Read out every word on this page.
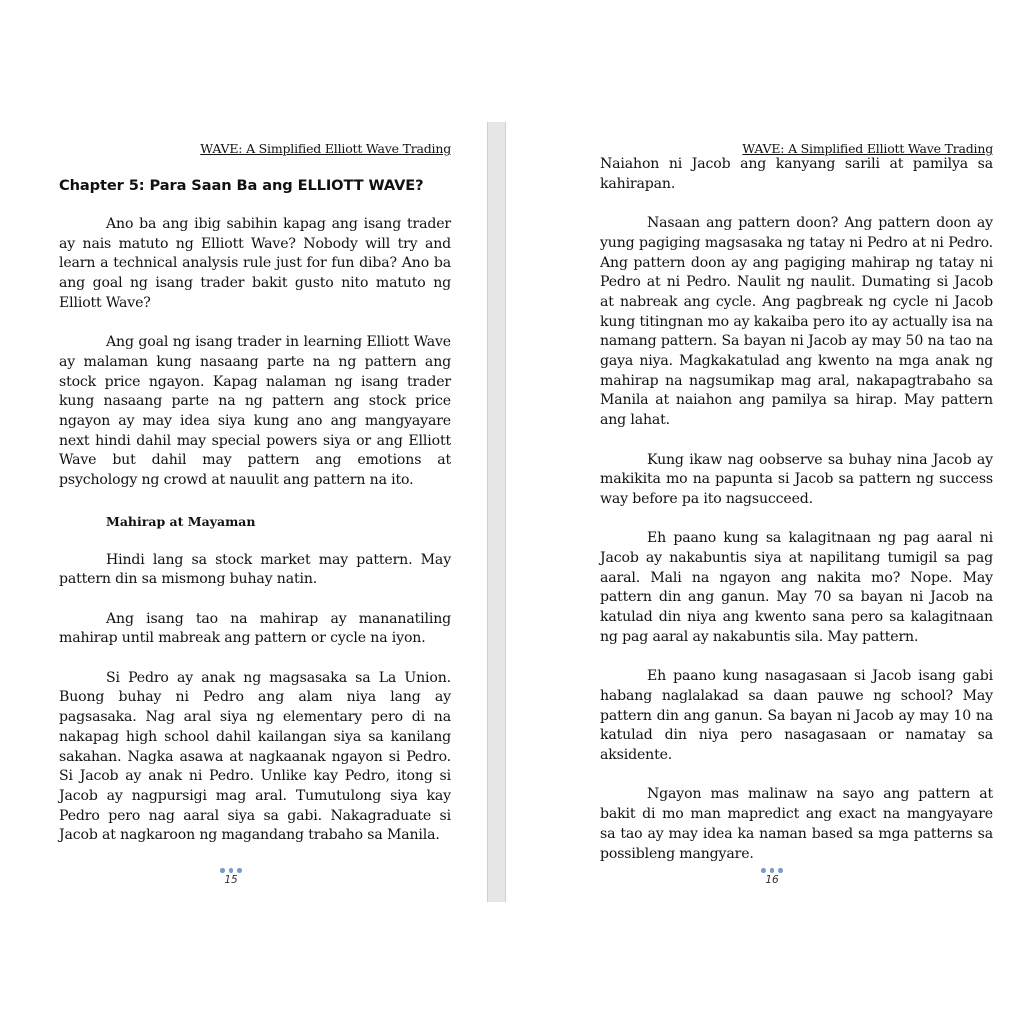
WAVE: A Simplified Elliott Wave Trading
Chapter 5: Para Saan Ba ang ELLIOTT WAVE?

Ano ba ang ibig sabihin kapag ang isang trader ay nais matuto ng Elliott Wave? Nobody will try and learn a technical analysis rule just for fun diba? Ano ba ang goal ng isang trader bakit gusto nito matuto ng Elliott Wave?

Ang goal ng isang trader in learning Elliott Wave ay malaman kung nasaang parte na ng pattern ang stock price ngayon. Kapag nalaman ng isang trader kung nasaang parte na ng pattern ang stock price ngayon ay may idea siya kung ano ang mangyayare next hindi dahil may special powers siya or ang Elliott Wave but dahil may pattern ang emotions at psychology ng crowd at nauulit ang pattern na ito.

Mahirap at Mayaman

Hindi lang sa stock market may pattern. May pattern din sa mismong buhay natin.

Ang isang tao na mahirap ay mananatiling mahirap until mabreak ang pattern or cycle na iyon.

Si Pedro ay anak ng magsasaka sa La Union. Buong buhay ni Pedro ang alam niya lang ay pagsasaka. Nag aral siya ng elementary pero di na nakapag high school dahil kailangan siya sa kanilang sakahan. Nagka asawa at nagkaanak ngayon si Pedro. Si Jacob ay anak ni Pedro. Unlike kay Pedro, itong si Jacob ay nagpursigi mag aral. Tumutulong siya kay Pedro pero nag aaral siya sa gabi. Nakagraduate si Jacob at nagkaroon ng magandang trabaho sa Manila.

15
WAVE: A Simplified Elliott Wave Trading

Naiahon ni Jacob ang kanyang sarili at pamilya sa kahirapan.

Nasaan ang pattern doon? Ang pattern doon ay yung pagiging magsasaka ng tatay ni Pedro at ni Pedro. Ang pattern doon ay ang pagiging mahirap ng tatay ni Pedro at ni Pedro. Naulit ng naulit. Dumating si Jacob at nabreak ang cycle. Ang pagbreak ng cycle ni Jacob kung titingnan mo ay kakaiba pero ito ay actually isa na namang pattern. Sa bayan ni Jacob ay may 50 na tao na gaya niya. Magkakatulad ang kwento na mga anak ng mahirap na nagsumikap mag aral, nakapagtrabaho sa Manila at naiahon ang pamilya sa hirap. May pattern ang lahat.

Kung ikaw nag oobserve sa buhay nina Jacob ay makikita mo na papunta si Jacob sa pattern ng success way before pa ito nagsucceed.

Eh paano kung sa kalagitnaan ng pag aaral ni Jacob ay nakabuntis siya at napilitang tumigil sa pag aaral. Mali na ngayon ang nakita mo? Nope. May pattern din ang ganun. May 70 sa bayan ni Jacob na katulad din niya ang kwento sana pero sa kalagitnaan ng pag aaral ay nakabuntis sila. May pattern.

Eh paano kung nasagasaan si Jacob isang gabi habang naglalakad sa daan pauwe ng school? May pattern din ang ganun. Sa bayan ni Jacob ay may 10 na katulad din niya pero nasagasaan or namatay sa aksidente.

Ngayon mas malinaw na sayo ang pattern at bakit di mo man mapredict ang exact na mangyayare sa tao ay may idea ka naman based sa mga patterns sa possibleng mangyare.

16
